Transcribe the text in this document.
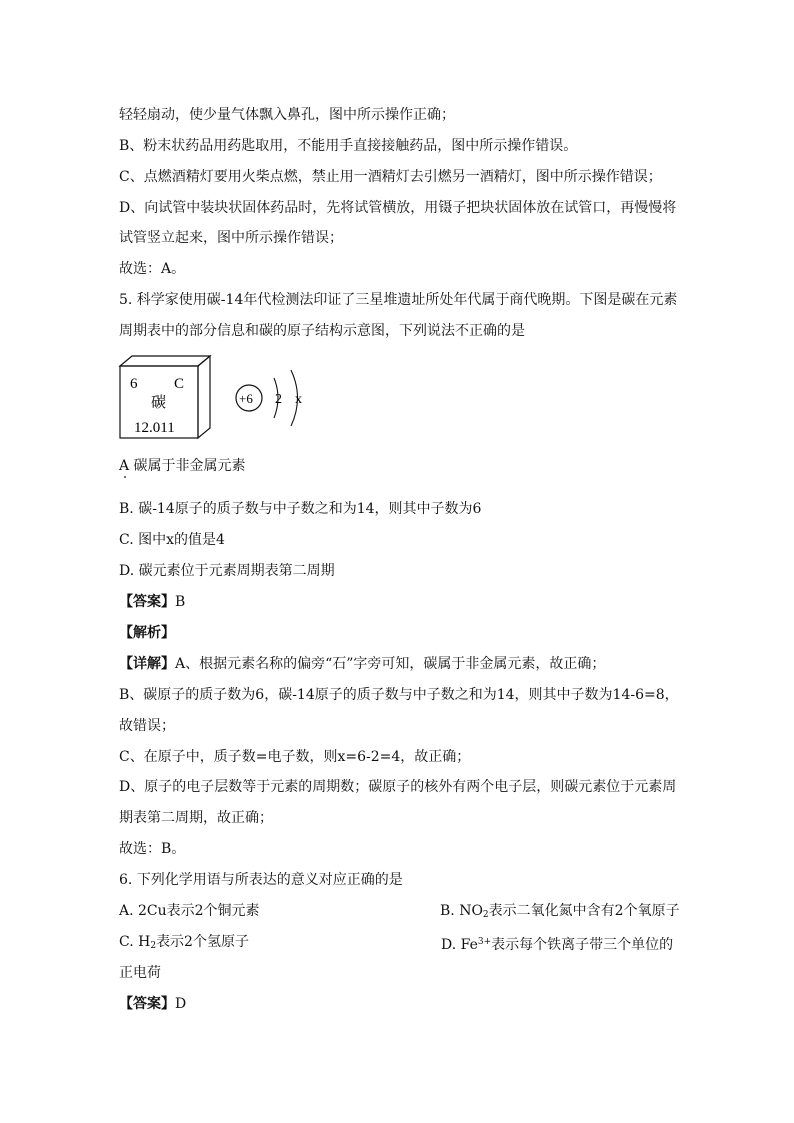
轻轻扇动，使少量气体飘入鼻孔，图中所示操作正确；
B、粉末状药品用药匙取用，不能用手直接接触药品，图中所示操作错误。
C、点燃酒精灯要用火柴点燃，禁止用一酒精灯去引燃另一酒精灯，图中所示操作错误；
D、向试管中装块状固体药品时，先将试管横放，用镊子把块状固体放在试管口，再慢慢将
试管竖立起来，图中所示操作错误；
故选：A。
5. 科学家使用碳-14年代检测法印证了三星堆遗址所处年代属于商代晚期。下图是碳在元素
周期表中的部分信息和碳的原子结构示意图，下列说法不正确的是
6 C
碳
12.011
+6 2 x
A 碳属于非金属元素
B. 碳-14原子的质子数与中子数之和为14，则其中子数为6
C. 图中x的值是4
D. 碳元素位于元素周期表第二周期
【答案】B
【解析】
【详解】A、根据元素名称的偏旁“石”字旁可知，碳属于非金属元素，故正确；
B、碳原子的质子数为6，碳-14原子的质子数与中子数之和为14，则其中子数为14-6=8，
故错误；
C、在原子中，质子数=电子数，则x=6-2=4，故正确；
D、原子的电子层数等于元素的周期数；碳原子的核外有两个电子层，则碳元素位于元素周
期表第二周期，故正确；
故选：B。
6. 下列化学用语与所表达的意义对应正确的是
A. 2Cu表示2个铜元素	B. $NO_2$表示二氧化氮中含有2个氧原子
C. $H_2$表示2个氢原子	D. $Fe^{3+}$表示每个铁离子带三个单位的
正电荷
【答案】D
